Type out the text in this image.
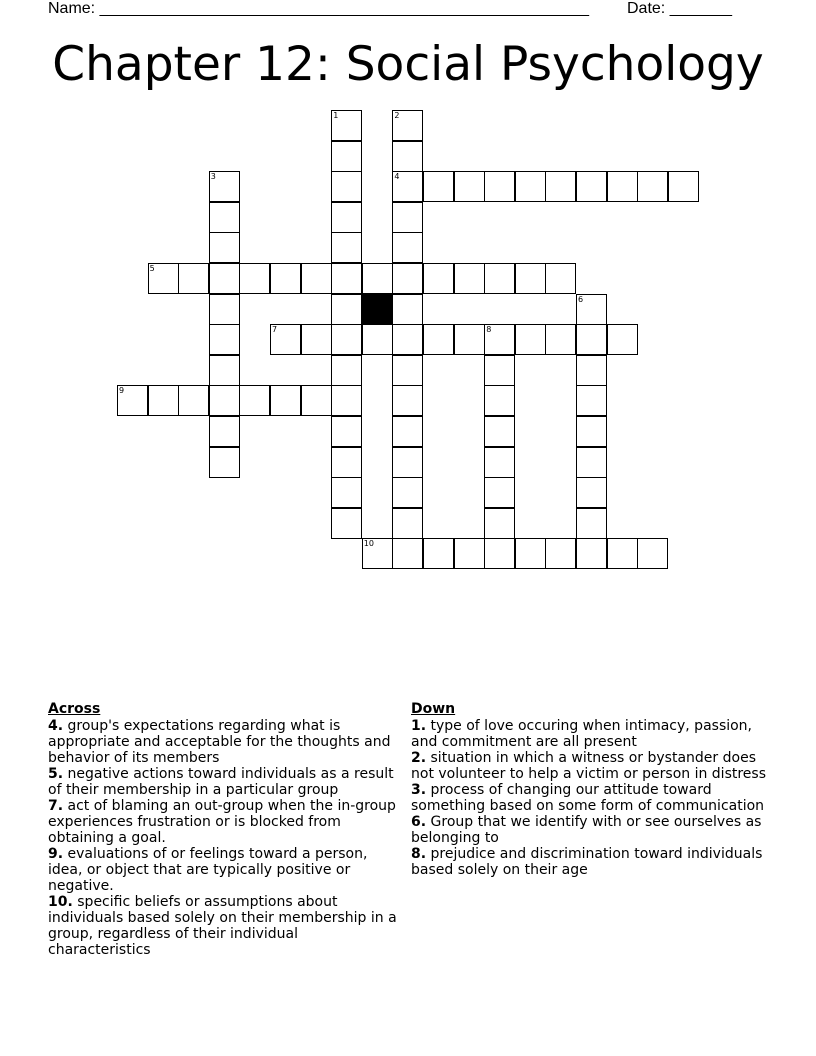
Name: _______________________________________________________ Date: _______
Chapter 12: Social Psychology
1	2
4
3
5
6
7	8
9
10
Across
4. group's expectations regarding what is appropriate and acceptable for the thoughts and behavior of its members
5. negative actions toward individuals as a result of their membership in a particular group
7. act of blaming an out-group when the in-group experiences frustration or is blocked from obtaining a goal.
9. evaluations of or feelings toward a person, idea, or object that are typically positive or negative.
10. specific beliefs or assumptions about individuals based solely on their membership in a group, regardless of their individual characteristics
Down
1. type of love occuring when intimacy, passion, and commitment are all present
2. situation in which a witness or bystander does not volunteer to help a victim or person in distress
3. process of changing our attitude toward something based on some form of communication
6. Group that we identify with or see ourselves as belonging to
8. prejudice and discrimination toward individuals based solely on their age
